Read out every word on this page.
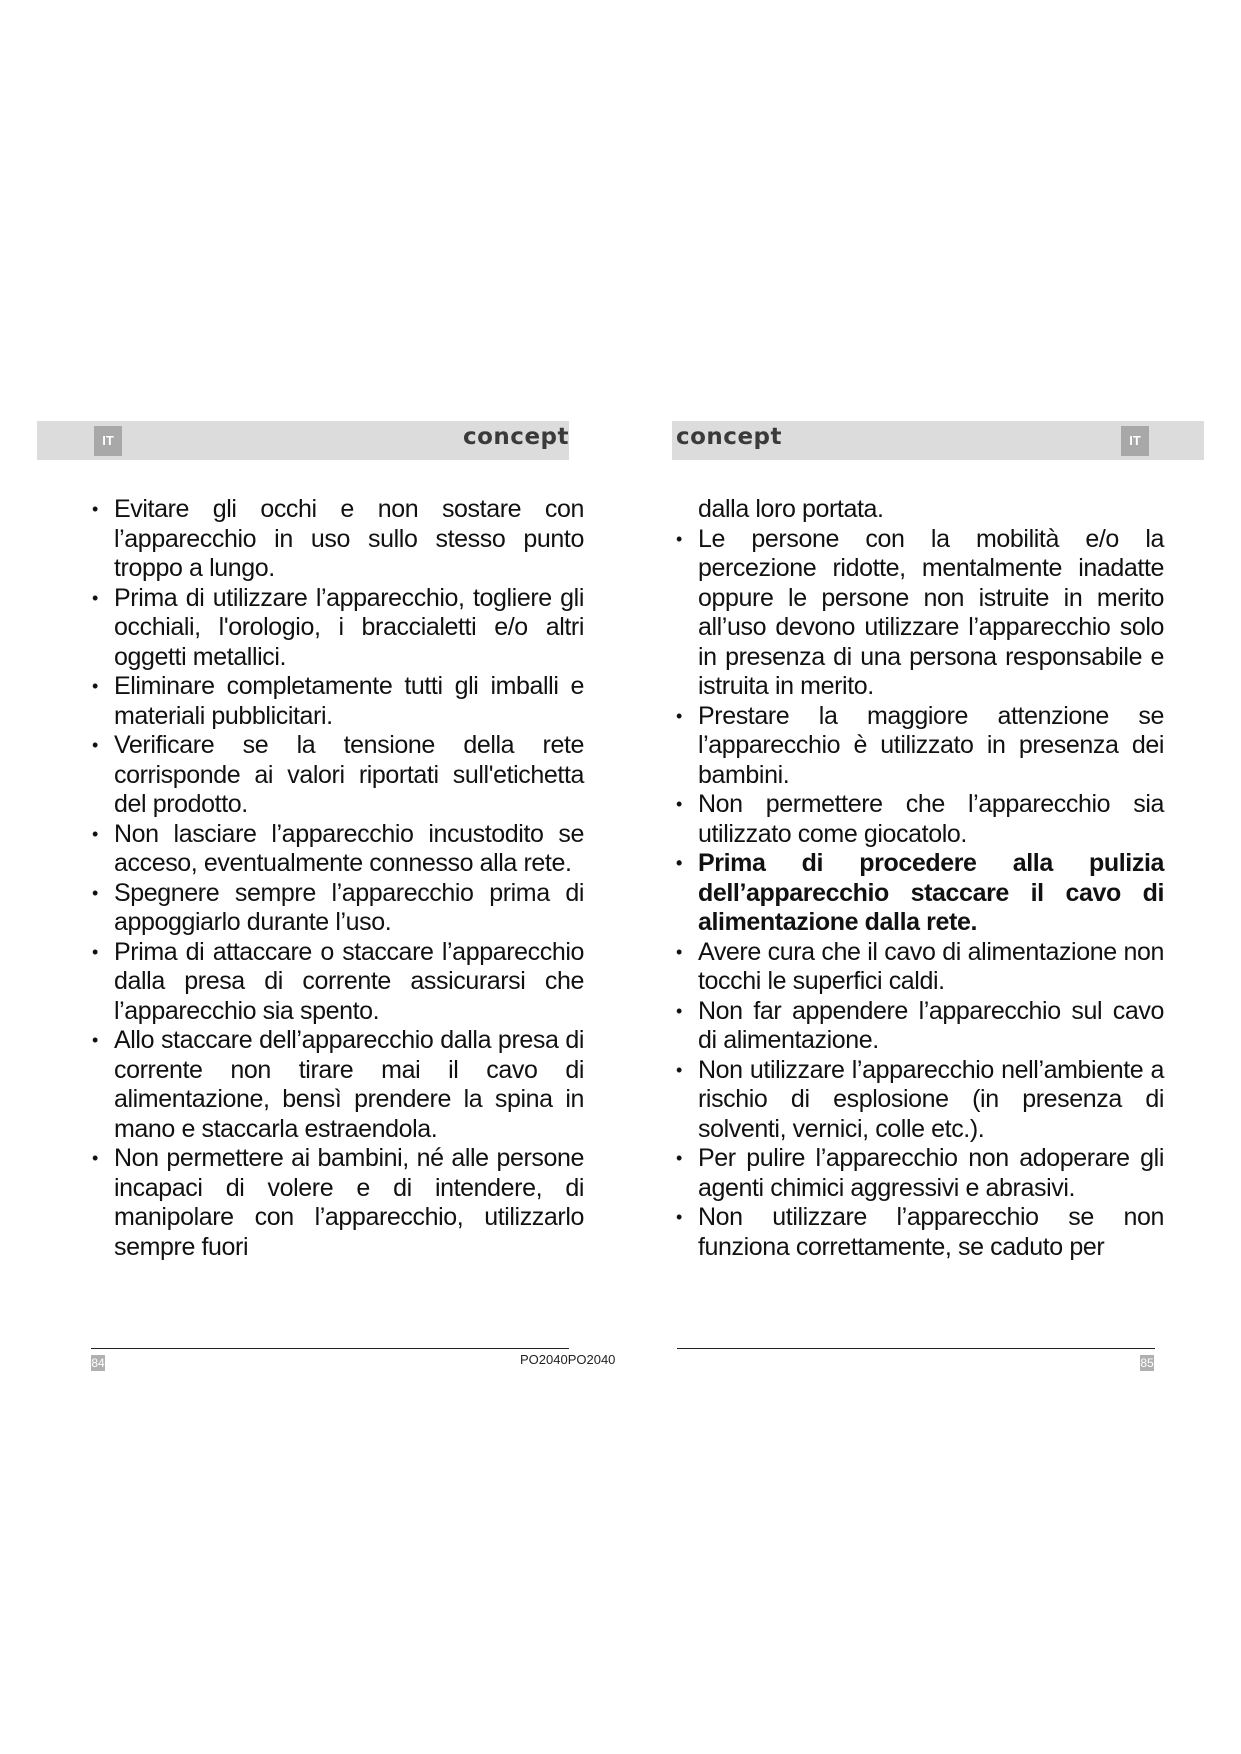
IT	IT
concept	concept
• Evitare gli occhi e non sostare con l’apparecchio in uso sullo stesso punto troppo a lungo.
• Prima di utilizzare l’apparecchio, togliere gli occhiali, l'orologio, i braccialetti e/o altri oggetti metallici.
• Eliminare completamente tutti gli imballi e materiali pubblicitari.
• Verificare se la tensione della rete corrisponde ai valori riportati sull'etichetta del prodotto.
• Non lasciare l’apparecchio incustodito se acceso, eventualmente connesso alla rete.
• Spegnere sempre l’apparecchio prima di appoggiarlo durante l’uso.
• Prima di attaccare o staccare l’apparecchio dalla presa di corrente assicurarsi che l’apparecchio sia spento.
• Allo staccare dell’apparecchio dalla presa di corrente non tirare mai il cavo di alimentazione, bensì prendere la spina in mano e staccarla estraendola.
• Non permettere ai bambini, né alle persone incapaci di volere e di intendere, di manipolare con l’apparecchio, utilizzarlo sempre fuori
dalla loro portata.
• Le persone con la mobilità e/o la percezione ridotte, mentalmente inadatte oppure le persone non istruite in merito all’uso devono utilizzare l’apparecchio solo in presenza di una persona responsabile e istruita in merito.
• Prestare la maggiore attenzione se l’apparecchio è utilizzato in presenza dei bambini.
• Non permettere che l’apparecchio sia utilizzato come giocatolo.
• Prima di procedere alla pulizia dell’apparecchio staccare il cavo di alimentazione dalla rete.
• Avere cura che il cavo di alimentazione non tocchi le superfici caldi.
• Non far appendere l’apparecchio sul cavo di alimentazione.
• Non utilizzare l’apparecchio nell’ambiente a rischio di esplosione (in presenza di solventi, vernici, colle etc.).
• Per pulire l’apparecchio non adoperare gli agenti chimici aggressivi e abrasivi.
• Non utilizzare l’apparecchio se non funziona correttamente, se caduto per
84	85
PO2040PO2040
